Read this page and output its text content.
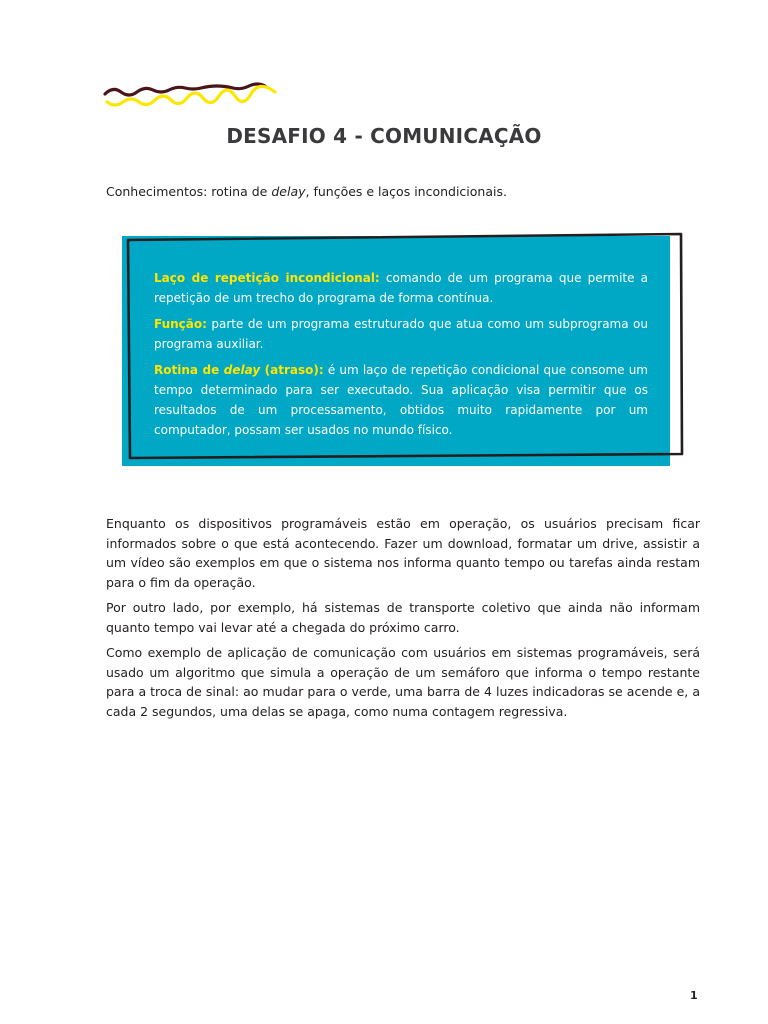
DESAFIO 4 - COMUNICAÇÃO
Conhecimentos: rotina de delay, funções e laços incondicionais.

Laço de repetição incondicional: comando de um programa que permite a repetição de um trecho do programa de forma contínua.

Função: parte de um programa estruturado que atua como um subprograma ou programa auxiliar.

Rotina de delay (atraso): é um laço de repetição condicional que consome um tempo determinado para ser executado. Sua aplicação visa permitir que os resultados de um processamento, obtidos muito rapidamente por um computador, possam ser usados no mundo físico.

Enquanto os dispositivos programáveis estão em operação, os usuários precisam ficar informados sobre o que está acontecendo. Fazer um download, formatar um drive, assistir a um vídeo são exemplos em que o sistema nos informa quanto tempo ou tarefas ainda restam para o fim da operação.

Por outro lado, por exemplo, há sistemas de transporte coletivo que ainda não informam quanto tempo vai levar até a chegada do próximo carro.

Como exemplo de aplicação de comunicação com usuários em sistemas programáveis, será usado um algoritmo que simula a operação de um semáforo que informa o tempo restante para a troca de sinal: ao mudar para o verde, uma barra de 4 luzes indicadoras se acende e, a cada 2 segundos, uma delas se apaga, como numa contagem regressiva.

1
